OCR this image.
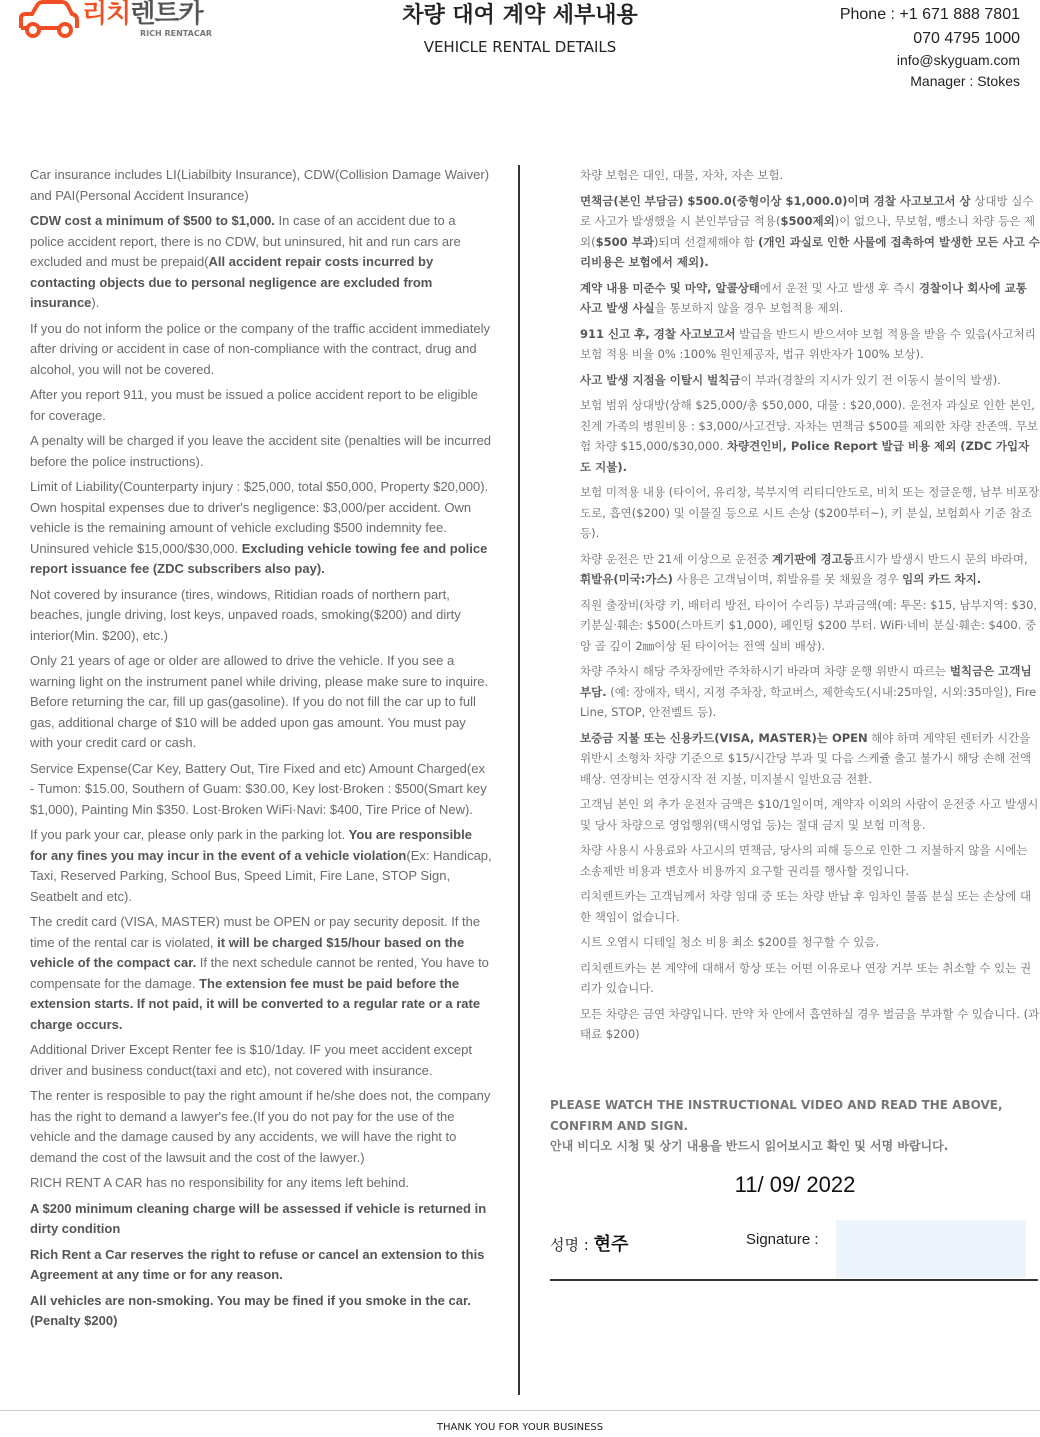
리치렌트카
RICH RENTACAR
차량 대여 계약 세부내용
VEHICLE RENTAL DETAILS
Phone : +1 671 888 7801
070 4795 1000
info@skyguam.com
Manager : Stokes

Car insurance includes LI(Liabilbity Insurance), CDW(Collision Damage Waiver) and PAI(Personal Accident Insurance)

CDW cost a minimum of $500 to $1,000. In case of an accident due to a police accident report, there is no CDW, but uninsured, hit and run cars are excluded and must be prepaid(All accident repair costs incurred by contacting objects due to personal negligence are excluded from insurance).

If you do not inform the police or the company of the traffic accident immediately after driving or accident in case of non-compliance with the contract, drug and alcohol, you will not be covered.

After you report 911, you must be issued a police accident report to be eligible for coverage.

A penalty will be charged if you leave the accident site (penalties will be incurred before the police instructions).

Limit of Liability(Counterparty injury : $25,000, total $50,000, Property $20,000). Own hospital expenses due to driver's negligence: $3,000/per accident. Own vehicle is the remaining amount of vehicle excluding $500 indemnity fee. Uninsured vehicle $15,000/$30,000. Excluding vehicle towing fee and police report issuance fee (ZDC subscribers also pay).

Not covered by insurance (tires, windows, Ritidian roads of northern part, beaches, jungle driving, lost keys, unpaved roads, smoking($200) and dirty interior(Min. $200), etc.)

Only 21 years of age or older are allowed to drive the vehicle. If you see a warning light on the instrument panel while driving, please make sure to inquire. Before returning the car, fill up gas(gasoline). If you do not fill the car up to full gas, additional charge of $10 will be added upon gas amount. You must pay with your credit card or cash.

Service Expense(Car Key, Battery Out, Tire Fixed and etc) Amount Charged(ex - Tumon: $15.00, Southern of Guam: $30.00, Key lost·Broken : $500(Smart key $1,000), Painting Min $350. Lost·Broken WiFi·Navi: $400, Tire Price of New).

If you park your car, please only park in the parking lot. You are responsible for any fines you may incur in the event of a vehicle violation(Ex: Handicap, Taxi, Reserved Parking, School Bus, Speed Limit, Fire Lane, STOP Sign, Seatbelt and etc).

The credit card (VISA, MASTER) must be OPEN or pay security deposit. If the time of the rental car is violated, it will be charged $15/hour based on the vehicle of the compact car. If the next schedule cannot be rented, You have to compensate for the damage. The extension fee must be paid before the extension starts. If not paid, it will be converted to a regular rate or a rate charge occurs.

Additional Driver Except Renter fee is $10/1day. IF you meet accident except driver and business conduct(taxi and etc), not covered with insurance.

The renter is resposible to pay the right amount if he/she does not, the company has the right to demand a lawyer's fee.(If you do not pay for the use of the vehicle and the damage caused by any accidents, we will have the right to demand the cost of the lawsuit and the cost of the lawyer.)

RICH RENT A CAR has no responsibility for any items left behind.

A $200 minimum cleaning charge will be assessed if vehicle is returned in dirty condition

Rich Rent a Car reserves the right to refuse or cancel an extension to this Agreement at any time or for any reason.

All vehicles are non-smoking. You may be fined if you smoke in the car. (Penalty $200)

차량 보험은 대인, 대물, 자차, 자손 보험.

면책금(본인 부담금) $500.0(중형이상 $1,000.0)이며 경찰 사고보고서 상 상대방 실수로 사고가 발생했을 시 본인부담금 적용($500제외)이 없으나, 무보험, 뺑소니 차량 등은 제외($500 부과)되며 선결제해야 함 (개인 과실로 인한 사물에 접촉하여 발생한 모든 사고 수리비용은 보험에서 제외).

계약 내용 미준수 및 마약, 알콜상태에서 운전 및 사고 발생 후 즉시 경찰이나 회사에 교통 사고 발생 사실을 통보하지 않을 경우 보험적용 제외.

911 신고 후, 경찰 사고보고서 발급을 반드시 받으셔야 보험 적용을 받을 수 있음(사고처리 보험 적용 비율 0% :100% 원인제공자, 법규 위반자가 100% 보상).

사고 발생 지점을 이탈시 벌칙금이 부과(경찰의 지시가 있기 전 이동시 불이익 발생).

보험 범위 상대방(상해 $25,000/총 $50,000, 대물 : $20,000). 운전자 과실로 인한 본인, 친계 가족의 병원비용 : $3,000/사고건당. 자차는 면책금 $500를 제외한 차량 잔존액. 무보험 차량 $15,000/$30,000. 차량견인비, Police Report 발급 비용 제외 (ZDC 가입자도 지불).

보험 미적용 내용 (타이어, 유리창, 북부지역 리티디안도로, 비치 또는 정글운행, 남부 비포장도로, 흡연($200) 및 이물질 등으로 시트 손상 ($200부터~), 키 분실, 보험회사 기준 참조 등).

차량 운전은 만 21세 이상으로 운전중 계기판에 경고등표시가 발생시 반드시 문의 바라며, 휘발유(미국:가스) 사용은 고객님이며, 휘발유를 못 채웠을 경우 임의 카드 차지.

직원 출장비(차량 키, 배터리 방전, 타이어 수리등) 부과금액(예: 투몬: $15, 남부지역: $30, 키분실·훼손: $500(스마트키 $1,000), 페인팅 $200 부터. WiFi·네비 분실·훼손: $400. 중앙 골 깊이 2㎜이상 된 타이어는 전액 실비 배상).

차량 주차시 해당 주차장에만 주차하시기 바라며 차량 운행 위반시 따르는 벌칙금은 고객님 부담. (예: 장애자, 택시, 지정 주차장, 학교버스, 제한속도(시내:25마일, 시외:35마일), Fire Line, STOP, 안전벨트 등).

보증금 지불 또는 신용카드(VISA, MASTER)는 OPEN 해야 하며 계약된 렌터카 시간을 위반시 소형차 차량 기준으로 $15/시간당 부과 및 다음 스케쥴 출고 불가시 해당 손해 전액 배상. 연장비는 연장시작 전 지불, 미지불시 일반요금 전환.

고객님 본인 외 추가 운전자 금액은 $10/1일이며, 계약자 이외의 사람이 운전중 사고 발생시 및 당사 차량으로 영업행위(택시영업 등)는 절대 금지 및 보험 미적용.

차량 사용시 사용료와 사고시의 면책금, 당사의 피해 등으로 인한 그 지불하지 않을 시에는 소송제반 비용과 변호사 비용까지 요구할 권리를 행사할 것입니다.

리치렌트카는 고객님께서 차량 임대 중 또는 차량 반납 후 임차인 물품 분실 또는 손상에 대한 책임이 없습니다.

시트 오염시 디테일 청소 비용 최소 $200를 청구할 수 있음.

리치렌트카는 본 계약에 대해서 항상 또는 어떤 이유로나 연장 거부 또는 취소할 수 있는 권리가 있습니다.

모든 차량은 금연 차량입니다. 만약 차 안에서 흡연하실 경우 벌금을 부과할 수 있습니다. (과태료 $200)

PLEASE WATCH THE INSTRUCTIONAL VIDEO AND READ THE ABOVE, CONFIRM AND SIGN.
안내 비디오 시청 및 상기 내용을 반드시 읽어보시고 확인 및 서명 바랍니다.
11/ 09/ 2022
성명 : 현주	Signature :
THANK YOU FOR YOUR BUSINESS
